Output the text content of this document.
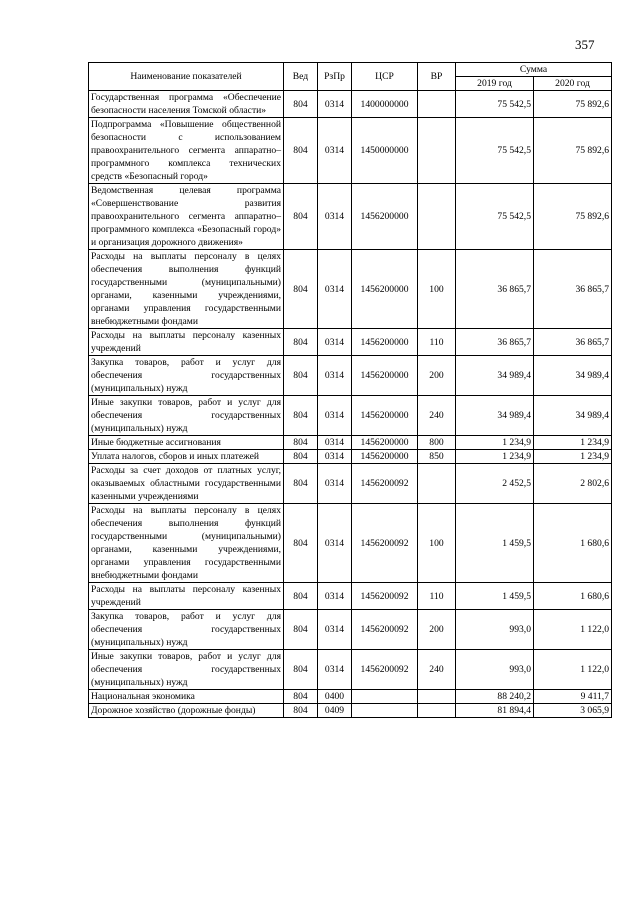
357
Наименование показателей	Вед	РзПр	ЦСР	ВР	Сумма	
					2019 год	2020 год
Государственная программа «Обеспечение безопасности населения Томской области»	804	0314	1400000000		75 542,5	75 892,6
Подпрограмма «Повышение общественной безопасности с использованием правоохранительного сегмента аппаратно–программного комплекса технических средств «Безопасный город»	804	0314	1450000000		75 542,5	75 892,6
Ведомственная целевая программа «Совершенствование развития правоохранительного сегмента аппаратно–программного комплекса «Безопасный город» и организация дорожного движения»	804	0314	1456200000		75 542,5	75 892,6
Расходы на выплаты персоналу в целях обеспечения выполнения функций государственными (муниципальными) органами, казенными учреждениями, органами управления государственными внебюджетными фондами	804	0314	1456200000	100	36 865,7	36 865,7
Расходы на выплаты персоналу казенных учреждений	804	0314	1456200000	110	36 865,7	36 865,7
Закупка товаров, работ и услуг для обеспечения государственных (муниципальных) нужд	804	0314	1456200000	200	34 989,4	34 989,4
Иные закупки товаров, работ и услуг для обеспечения государственных (муниципальных) нужд	804	0314	1456200000	240	34 989,4	34 989,4
Иные бюджетные ассигнования	804	0314	1456200000	800	1 234,9	1 234,9
Уплата налогов, сборов и иных платежей	804	0314	1456200000	850	1 234,9	1 234,9
Расходы за счет доходов от платных услуг, оказываемых областными государственными казенными учреждениями	804	0314	1456200092		2 452,5	2 802,6
Расходы на выплаты персоналу в целях обеспечения выполнения функций государственными (муниципальными) органами, казенными учреждениями, органами управления государственными внебюджетными фондами	804	0314	1456200092	100	1 459,5	1 680,6
Расходы на выплаты персоналу казенных учреждений	804	0314	1456200092	110	1 459,5	1 680,6
Закупка товаров, работ и услуг для обеспечения государственных (муниципальных) нужд	804	0314	1456200092	200	993,0	1 122,0
Иные закупки товаров, работ и услуг для обеспечения государственных (муниципальных) нужд	804	0314	1456200092	240	993,0	1 122,0
Национальная экономика	804	0400			88 240,2	9 411,7
Дорожное хозяйство (дорожные фонды)	804	0409			81 894,4	3 065,9
